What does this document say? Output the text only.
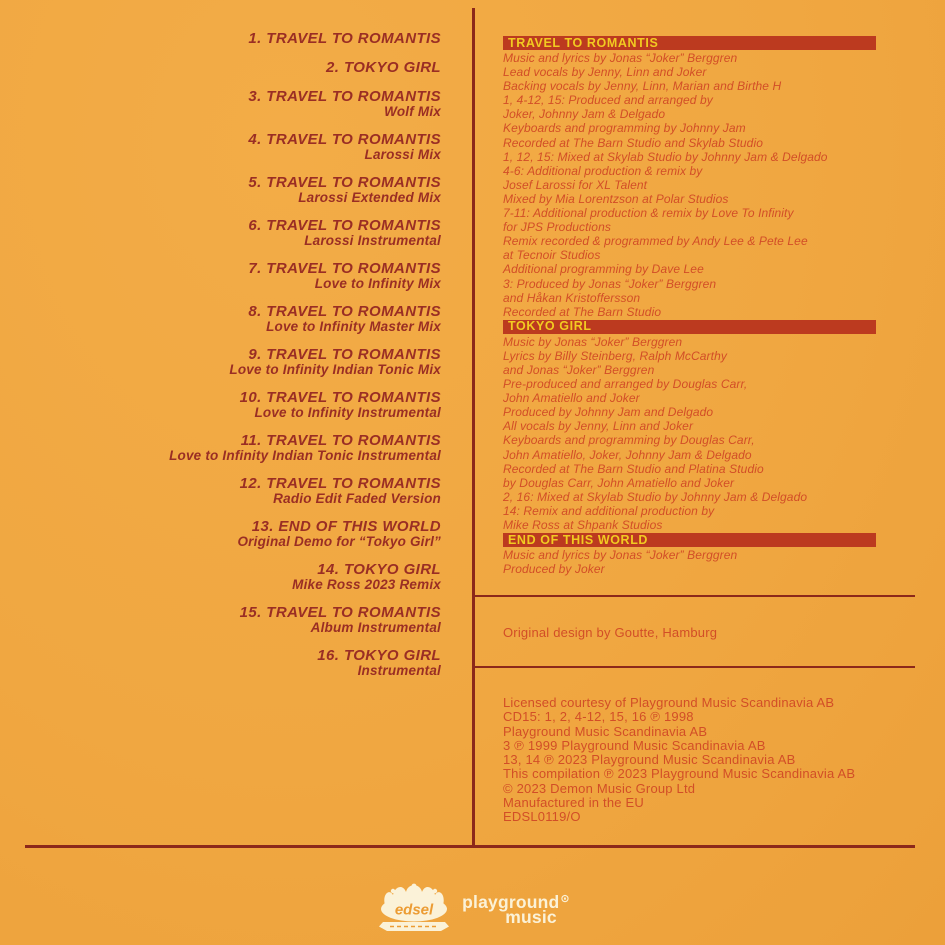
1. TRAVEL TO ROMANTIS
2. TOKYO GIRL
3. TRAVEL TO ROMANTIS
Wolf Mix
4. TRAVEL TO ROMANTIS
Larossi Mix
5. TRAVEL TO ROMANTIS
Larossi Extended Mix
6. TRAVEL TO ROMANTIS
Larossi Instrumental
7. TRAVEL TO ROMANTIS
Love to Infinity Mix
8. TRAVEL TO ROMANTIS
Love to Infinity Master Mix
9. TRAVEL TO ROMANTIS
Love to Infinity Indian Tonic Mix
10. TRAVEL TO ROMANTIS
Love to Infinity Instrumental
11. TRAVEL TO ROMANTIS
Love to Infinity Indian Tonic Instrumental
12. TRAVEL TO ROMANTIS
Radio Edit Faded Version
13. END OF THIS WORLD
Original Demo for “Tokyo Girl”
14. TOKYO GIRL
Mike Ross 2023 Remix
15. TRAVEL TO ROMANTIS
Album Instrumental
16. TOKYO GIRL
Instrumental
TRAVEL TO ROMANTIS
Music and lyrics by Jonas “Joker” Berggren
Lead vocals by Jenny, Linn and Joker
Backing vocals by Jenny, Linn, Marian and Birthe H
1, 4-12, 15: Produced and arranged by
Joker, Johnny Jam & Delgado
Keyboards and programming by Johnny Jam
Recorded at The Barn Studio and Skylab Studio
1, 12, 15: Mixed at Skylab Studio by Johnny Jam & Delgado
4-6: Additional production & remix by
Josef Larossi for XL Talent
Mixed by Mia Lorentzson at Polar Studios
7-11: Additional production & remix by Love To Infinity
for JPS Productions
Remix recorded & programmed by Andy Lee & Pete Lee
at Tecnoir Studios
Additional programming by Dave Lee
3: Produced by Jonas “Joker” Berggren
and Håkan Kristoffersson
Recorded at The Barn Studio
TOKYO GIRL
Music by Jonas “Joker” Berggren
Lyrics by Billy Steinberg, Ralph McCarthy
and Jonas “Joker” Berggren
Pre-produced and arranged by Douglas Carr,
John Amatiello and Joker
Produced by Johnny Jam and Delgado
All vocals by Jenny, Linn and Joker
Keyboards and programming by Douglas Carr,
John Amatiello, Joker, Johnny Jam & Delgado
Recorded at The Barn Studio and Platina Studio
by Douglas Carr, John Amatiello and Joker
2, 16: Mixed at Skylab Studio by Johnny Jam & Delgado
14: Remix and additional production by
Mike Ross at Shpank Studios
END OF THIS WORLD
Music and lyrics by Jonas “Joker” Berggren
Produced by Joker
Original design by Goutte, Hamburg
Licensed courtesy of Playground Music Scandinavia AB
CD15: 1, 2, 4-12, 15, 16 ℗ 1998
Playground Music Scandinavia AB
3 ℗ 1999 Playground Music Scandinavia AB
13, 14 ℗ 2023 Playground Music Scandinavia AB
This compilation ℗ 2023 Playground Music Scandinavia AB
© 2023 Demon Music Group Ltd
Manufactured in the EU
EDSL0119/O
edsel playground⊙
music
